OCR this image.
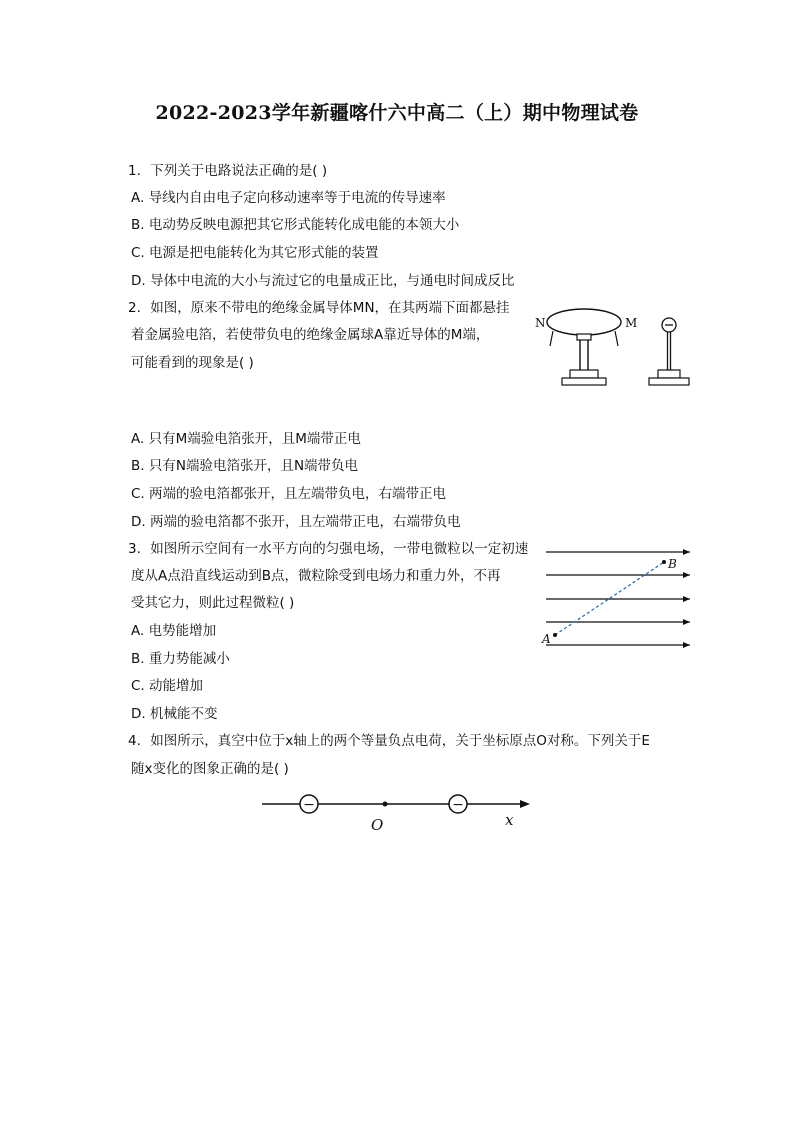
2022-2023学年新疆喀什六中高二（上）期中物理试卷
1. 下列关于电路说法正确的是( )
A. 导线内自由电子定向移动速率等于电流的传导速率
B. 电动势反映电源把其它形式能转化成电能的本领大小
C. 电源是把电能转化为其它形式能的装置
D. 导体中电流的大小与流过它的电量成正比，与通电时间成反比
2. 如图，原来不带电的绝缘金属导体MN，在其两端下面都悬挂
着金属验电箔，若使带负电的绝缘金属球A靠近导体的M端，
可能看到的现象是( )
N	M
A. 只有M端验电箔张开，且M端带正电
B. 只有N端验电箔张开，且N端带负电
C. 两端的验电箔都张开，且左端带负电，右端带正电
D. 两端的验电箔都不张开，且左端带正电，右端带负电
3. 如图所示空间有一水平方向的匀强电场，一带电微粒以一定初速
度从A点沿直线运动到B点，微粒除受到电场力和重力外，不再
受其它力，则此过程微粒( )
A
B
A. 电势能增加
B. 重力势能减小
C. 动能增加
D. 机械能不变
4. 如图所示，真空中位于x轴上的两个等量负点电荷，关于坐标原点O对称。下列关于E
随x变化的图象正确的是( )
−	−
O	x
